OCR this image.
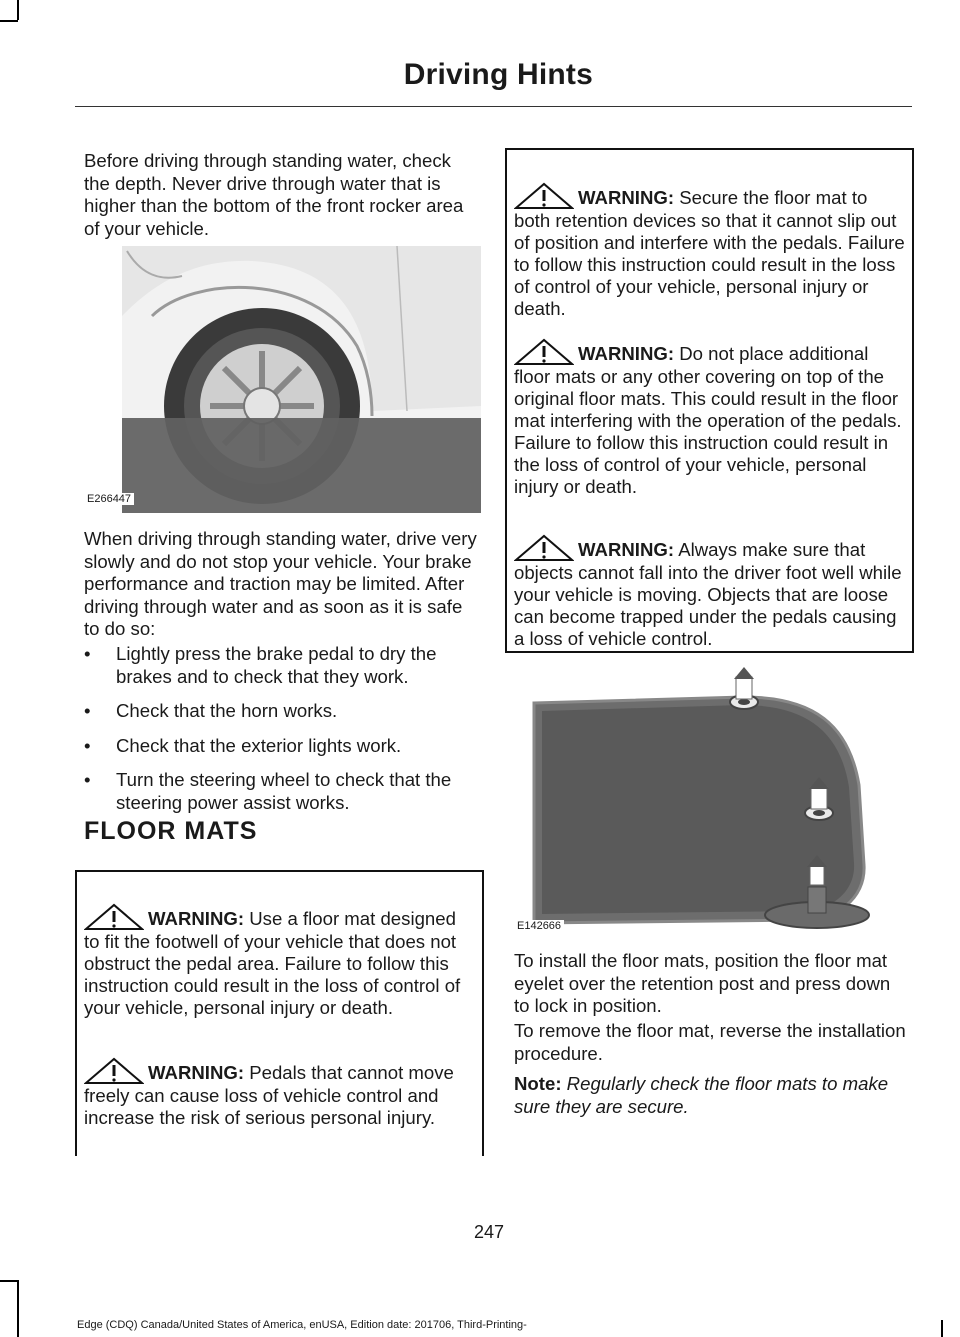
Driving Hints

Before driving through standing water, check the depth. Never drive through water that is higher than the bottom of the front rocker area of your vehicle.

E266447

When driving through standing water, drive very slowly and do not stop your vehicle. Your brake performance and traction may be limited. After driving through water and as soon as it is safe to do so:

• Lightly press the brake pedal to dry the brakes and to check that they work.
• Check that the horn works.
• Check that the exterior lights work.
• Turn the steering wheel to check that the steering power assist works.
FLOOR MATS

WARNING: Use a floor mat designed to fit the footwell of your vehicle that does not obstruct the pedal area. Failure to follow this instruction could result in the loss of control of your vehicle, personal injury or death.

WARNING: Pedals that cannot move freely can cause loss of vehicle control and increase the risk of serious personal injury.

WARNING: Secure the floor mat to both retention devices so that it cannot slip out of position and interfere with the pedals. Failure to follow this instruction could result in the loss of control of your vehicle, personal injury or death.

WARNING: Do not place additional floor mats or any other covering on top of the original floor mats. This could result in the floor mat interfering with the operation of the pedals. Failure to follow this instruction could result in the loss of control of your vehicle, personal injury or death.

WARNING: Always make sure that objects cannot fall into the driver foot well while your vehicle is moving. Objects that are loose can become trapped under the pedals causing a loss of vehicle control.

E142666

To install the floor mats, position the floor mat eyelet over the retention post and press down to lock in position.

To remove the floor mat, reverse the installation procedure.

Note: Regularly check the floor mats to make sure they are secure.

247
Edge (CDQ) Canada/United States of America, enUSA, Edition date: 201706, Third-Printing-
